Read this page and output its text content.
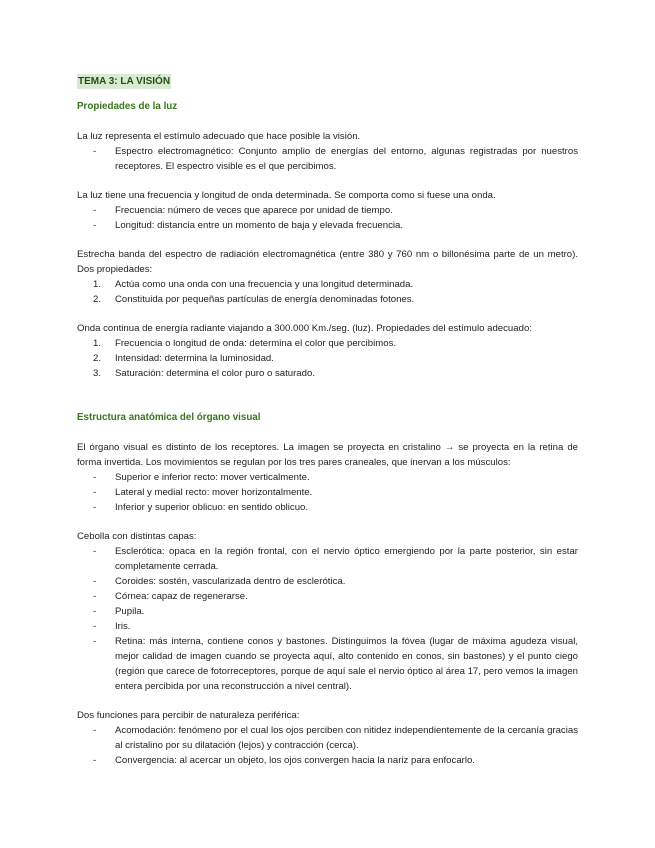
TEMA 3: LA VISIÓN
Propiedades de la luz

La luz representa el estímulo adecuado que hace posible la visión.

-	Espectro electromagnético: Conjunto amplio de energías del entorno, algunas registradas por nuestros receptores. El espectro visible es el que percibimos.

La luz tiene una frecuencia y longitud de onda determinada. Se comporta como si fuese una onda.

-	Frecuencia: número de veces que aparece por unidad de tiempo.
-	Longitud: distancia entre un momento de baja y elevada frecuencia.

Estrecha banda del espectro de radiación electromagnética (entre 380 y 760 nm o billonésima parte de un metro). Dos propiedades:

1.	Actúa como una onda con una frecuencia y una longitud determinada.
2.	Constituida por pequeñas partículas de energía denominadas fotones.

Onda continua de energía radiante viajando a 300.000 Km./seg. (luz). Propiedades del estímulo adecuado:

1.	Frecuencia o longitud de onda: determina el color que percibimos.
2.	Intensidad: determina la luminosidad.
3.	Saturación: determina el color puro o saturado.
Estructura anatómica del órgano visual

El órgano visual es distinto de los receptores. La imagen se proyecta en cristalino → se proyecta en la retina de forma invertida. Los movimientos se regulan por los tres pares craneales, que inervan a los músculos:

-	Superior e inferior recto: mover verticalmente.
-	Lateral y medial recto: mover horizontalmente.
-	Inferior y superior oblicuo: en sentido oblicuo.

Cebolla con distintas capas:

-	Esclerótica: opaca en la región frontal, con el nervio óptico emergiendo por la parte posterior, sin estar completamente cerrada.
-	Coroides: sostén, vascularizada dentro de esclerótica.
-	Córnea: capaz de regenerarse.
-	Pupila.
-	Iris.
-	Retina: más interna, contiene conos y bastones. Distinguimos la fóvea (lugar de máxima agudeza visual, mejor calidad de imagen cuando se proyecta aquí, alto contenido en conos, sin bastones) y el punto ciego (región que carece de fotorreceptores, porque de aquí sale el nervio óptico al área 17, pero vemos la imagen entera percibida por una reconstrucción a nivel central).

Dos funciones para percibir de naturaleza periférica:

-	Acomodación: fenómeno por el cual los ojos perciben con nitidez independientemente de la cercanía gracias al cristalino por su dilatación (lejos) y contracción (cerca).
-	Convergencia: al acercar un objeto, los ojos convergen hacia la nariz para enfocarlo.
